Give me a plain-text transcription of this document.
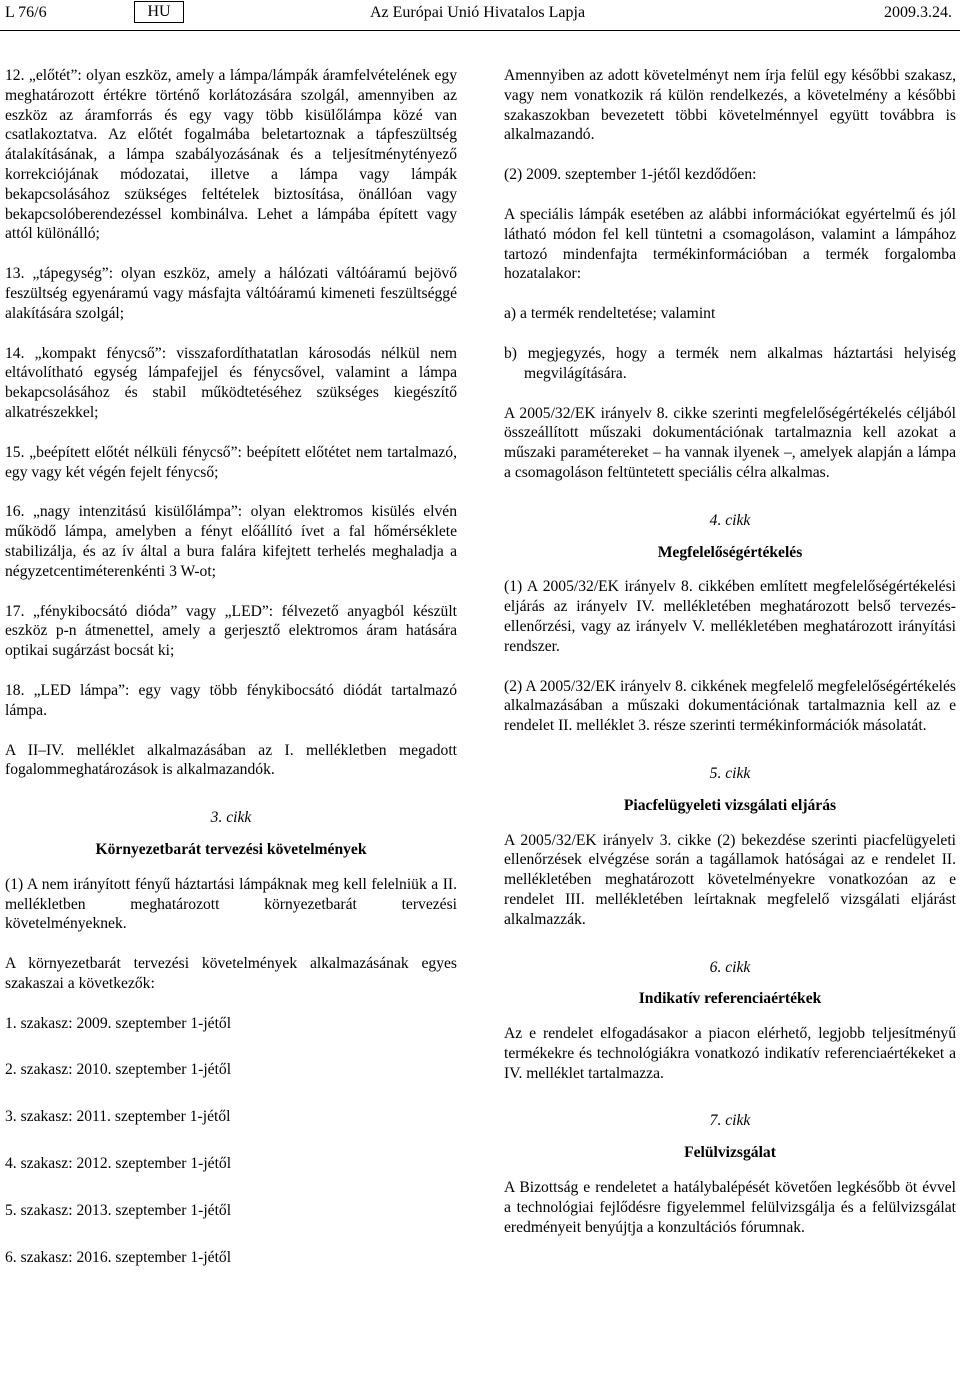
L 76/6	HU	Az Európai Unió Hivatalos Lapja	2009.3.24.

12. „előtét”: olyan eszköz, amely a lámpa/lámpák áramfelvételének egy meghatározott értékre történő korlátozására szolgál, amennyiben az eszköz az áramforrás és egy vagy több kisülőlámpa közé van csatlakoztatva. Az előtét fogalmába beletartoznak a tápfeszültség átalakításának, a lámpa szabályozásának és a teljesítménytényező korrekciójának módozatai, illetve a lámpa vagy lámpák bekapcsolásához szükséges feltételek biztosítása, önállóan vagy bekapcsolóberendezéssel kombinálva. Lehet a lámpába épített vagy attól különálló;

13. „tápegység”: olyan eszköz, amely a hálózati váltóáramú bejövő feszültség egyenáramú vagy másfajta váltóáramú kimeneti feszültséggé alakítására szolgál;

14. „kompakt fénycső”: visszafordíthatatlan károsodás nélkül nem eltávolítható egység lámpafejjel és fénycsővel, valamint a lámpa bekapcsolásához és stabil működtetéséhez szükséges kiegészítő alkatrészekkel;

15. „beépített előtét nélküli fénycső”: beépített előtétet nem tartalmazó, egy vagy két végén fejelt fénycső;

16. „nagy intenzitású kisülőlámpa”: olyan elektromos kisülés elvén működő lámpa, amelyben a fényt előállító ívet a fal hőmérséklete stabilizálja, és az ív által a bura falára kifejtett terhelés meghaladja a négyzetcentiméterenkénti 3 W-ot;

17. „fénykibocsátó dióda” vagy „LED”: félvezető anyagból készült eszköz p-n átmenettel, amely a gerjesztő elektromos áram hatására optikai sugárzást bocsát ki;

18. „LED lámpa”: egy vagy több fénykibocsátó diódát tartalmazó lámpa.

A II–IV. melléklet alkalmazásában az I. mellékletben megadott fogalommeghatározások is alkalmazandók.

3. cikk

Környezetbarát tervezési követelmények

(1) A nem irányított fényű háztartási lámpáknak meg kell felelniük a II. mellékletben meghatározott környezetbarát tervezési követelményeknek.

A környezetbarát tervezési követelmények alkalmazásának egyes szakaszai a következők:

1. szakasz: 2009. szeptember 1-jétől

2. szakasz: 2010. szeptember 1-jétől

3. szakasz: 2011. szeptember 1-jétől

4. szakasz: 2012. szeptember 1-jétől

5. szakasz: 2013. szeptember 1-jétől

6. szakasz: 2016. szeptember 1-jétől

Amennyiben az adott követelményt nem írja felül egy későbbi szakasz, vagy nem vonatkozik rá külön rendelkezés, a követelmény a későbbi szakaszokban bevezetett többi követelménnyel együtt továbbra is alkalmazandó.

(2) 2009. szeptember 1-jétől kezdődően:

A speciális lámpák esetében az alábbi információkat egyértelmű és jól látható módon fel kell tüntetni a csomagoláson, valamint a lámpához tartozó mindenfajta termékinformációban a termék forgalomba hozatalakor:

a) a termék rendeltetése; valamint

b) megjegyzés, hogy a termék nem alkalmas háztartási helyiség megvilágítására.

A 2005/32/EK irányelv 8. cikke szerinti megfelelőségértékelés céljából összeállított műszaki dokumentációnak tartalmaznia kell azokat a műszaki paramétereket – ha vannak ilyenek –, amelyek alapján a lámpa a csomagoláson feltüntetett speciális célra alkalmas.

4. cikk

Megfelelőségértékelés

(1) A 2005/32/EK irányelv 8. cikkében említett megfelelőségértékelési eljárás az irányelv IV. mellékletében meghatározott belső tervezés-ellenőrzési, vagy az irányelv V. mellékletében meghatározott irányítási rendszer.

(2) A 2005/32/EK irányelv 8. cikkének megfelelő megfelelőségértékelés alkalmazásában a műszaki dokumentációnak tartalmaznia kell az e rendelet II. melléklet 3. része szerinti termékinformációk másolatát.

5. cikk

Piacfelügyeleti vizsgálati eljárás

A 2005/32/EK irányelv 3. cikke (2) bekezdése szerinti piacfelügyeleti ellenőrzések elvégzése során a tagállamok hatóságai az e rendelet II. mellékletében meghatározott követelményekre vonatkozóan az e rendelet III. mellékletében leírtaknak megfelelő vizsgálati eljárást alkalmazzák.

6. cikk

Indikatív referenciaértékek

Az e rendelet elfogadásakor a piacon elérhető, legjobb teljesítményű termékekre és technológiákra vonatkozó indikatív referenciaértékeket a IV. melléklet tartalmazza.

7. cikk

Felülvizsgálat

A Bizottság e rendeletet a hatálybalépését követően legkésőbb öt évvel a technológiai fejlődésre figyelemmel felülvizsgálja és a felülvizsgálat eredményeit benyújtja a konzultációs fórumnak.
